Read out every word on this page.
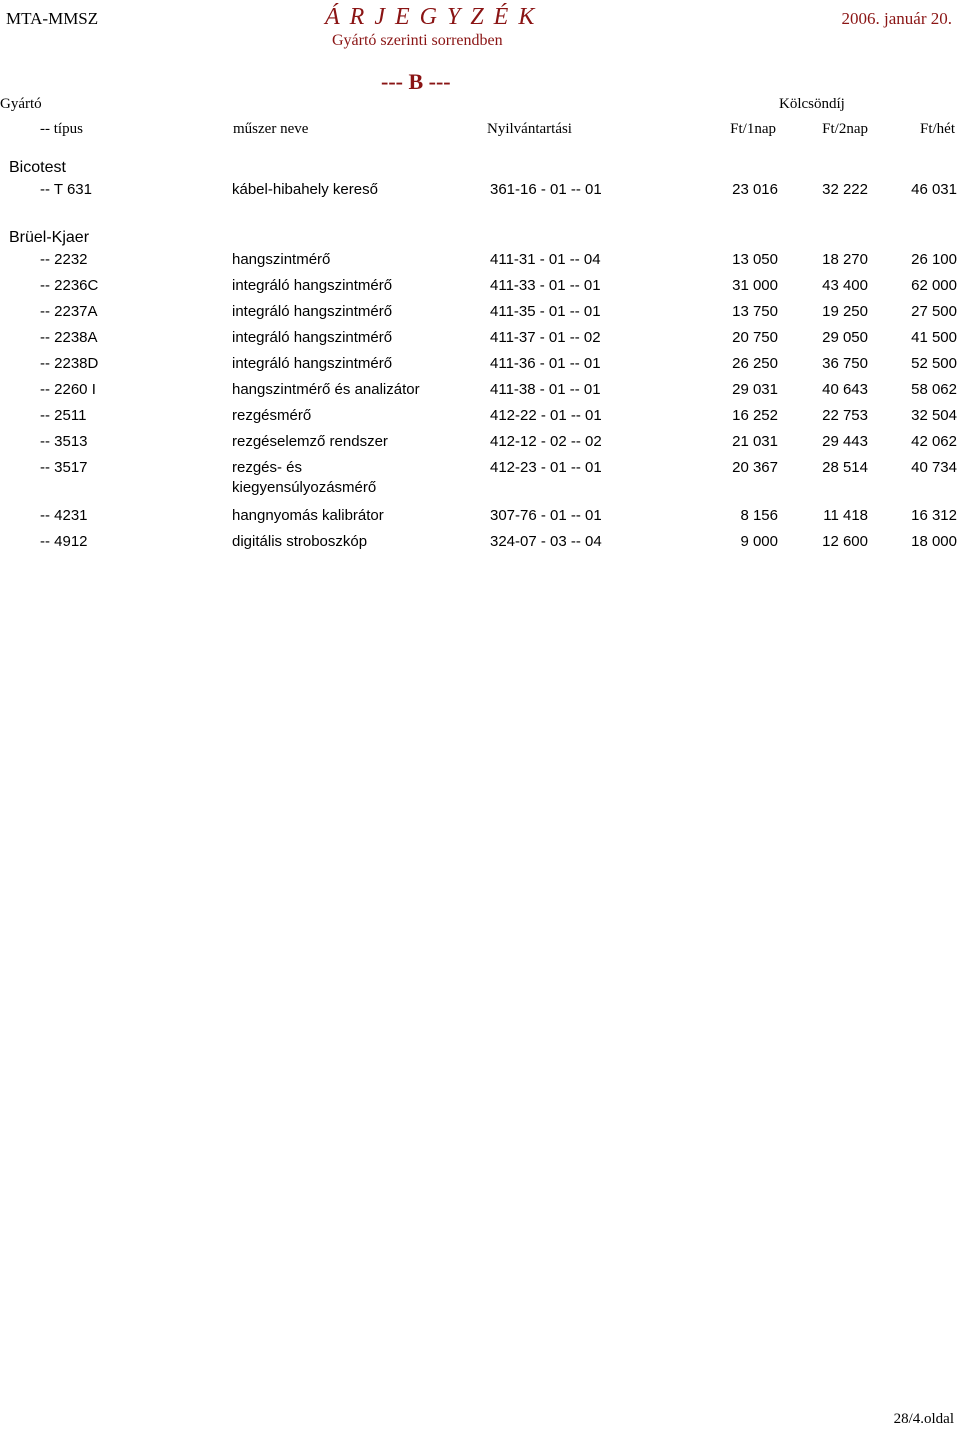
MTA-MMSZ	Á R J E G Y Z É K	2006. január 20.
Gyártó szerinti sorrendben
--- B ---
Gyártó	Kölcsöndíj
-- típus	műszer neve	Nyilvántartási	Ft/1nap	Ft/2nap	Ft/hét
Bicotest
-- T 631	kábel-hibahely kereső	361-16 - 01 -- 01	23 016	32 222	46 031
Brüel-Kjaer
-- 2232	hangszintmérő	411-31 - 01 -- 04	13 050	18 270	26 100
-- 2236C	integráló hangszintmérő	411-33 - 01 -- 01	31 000	43 400	62 000
-- 2237A	integráló hangszintmérő	411-35 - 01 -- 01	13 750	19 250	27 500
-- 2238A	integráló hangszintmérő	411-37 - 01 -- 02	20 750	29 050	41 500
-- 2238D	integráló hangszintmérő	411-36 - 01 -- 01	26 250	36 750	52 500
-- 2260 I	hangszintmérő és analizátor	411-38 - 01 -- 01	29 031	40 643	58 062
-- 2511	rezgésmérő	412-22 - 01 -- 01	16 252	22 753	32 504
-- 3513	rezgéselemző rendszer	412-12 - 02 -- 02	21 031	29 443	42 062
-- 3517	rezgés- és	412-23 - 01 -- 01	20 367	28 514	40 734
kiegyensúlyozásmérő
-- 4231	hangnyomás kalibrátor	307-76 - 01 -- 01	8 156	11 418	16 312
-- 4912	digitális stroboszkóp	324-07 - 03 -- 04	9 000	12 600	18 000
28/4.oldal
